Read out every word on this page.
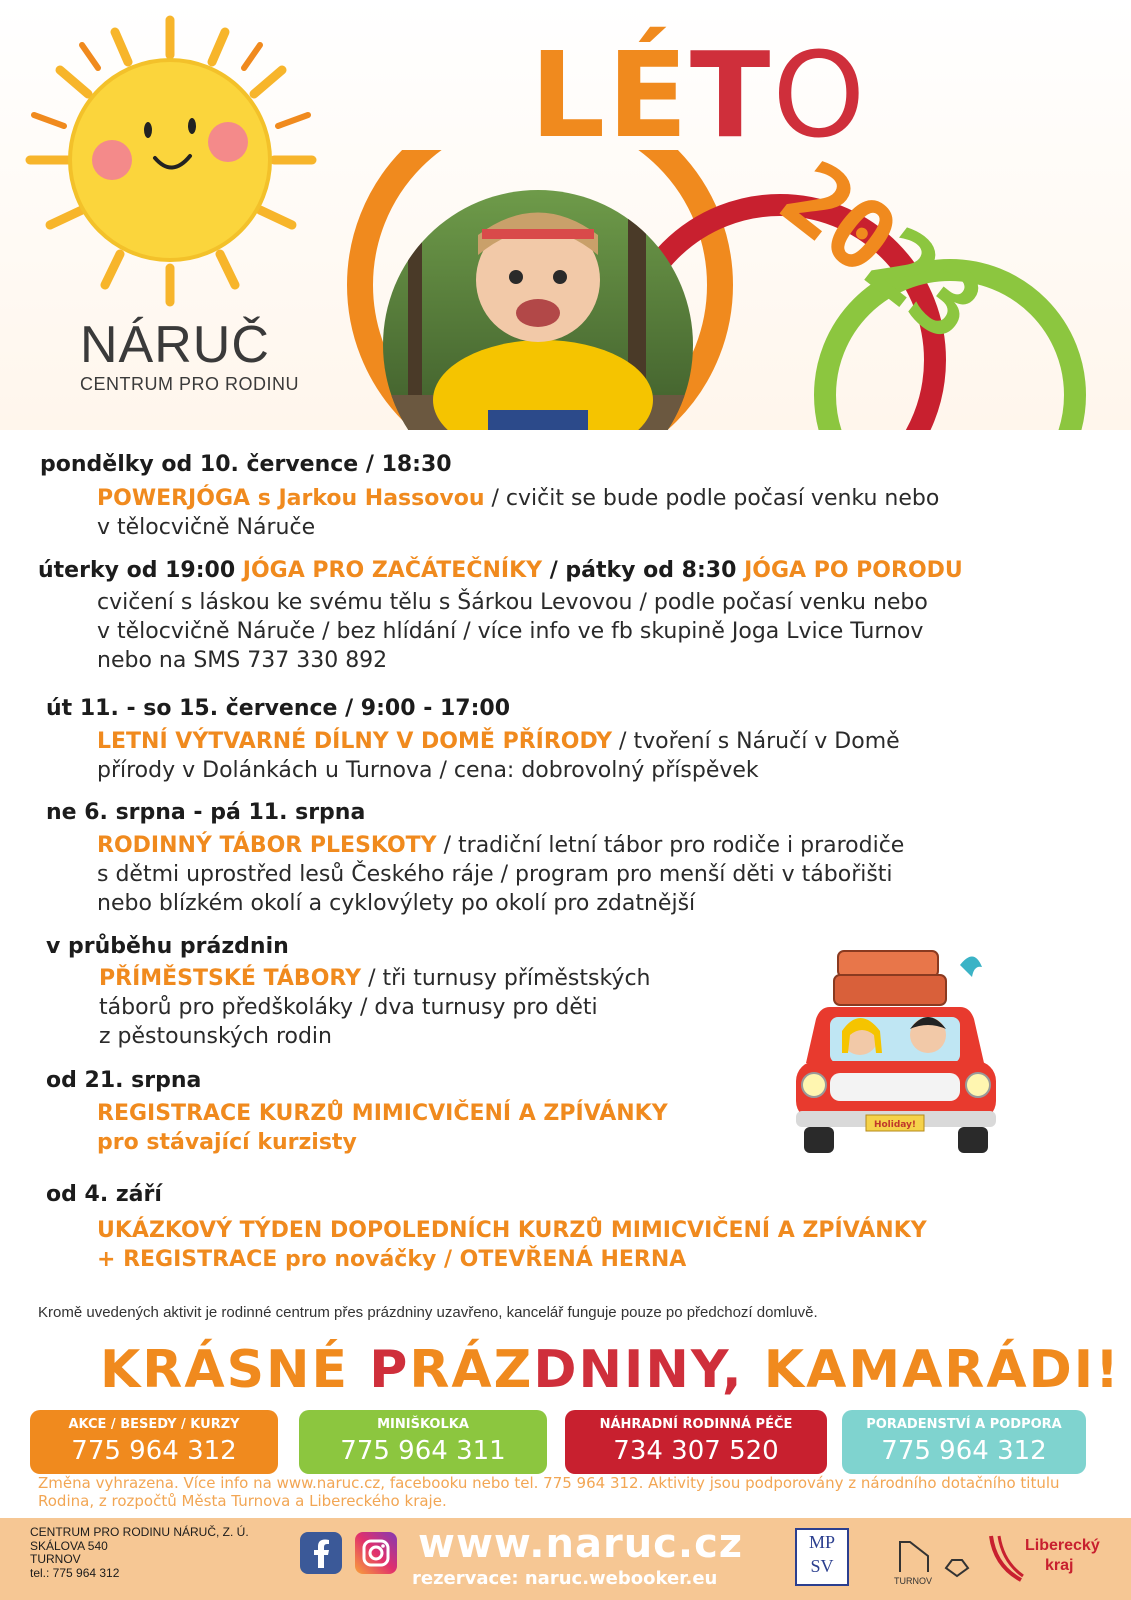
NÁRUČ
CENTRUM PRO RODINU
LÉTO
2023
pondělky od 10. července / 18:30
POWERJÓGA s Jarkou Hassovou / cvičit se bude podle počasí venku nebo
v tělocvičně Náruče
úterky od 19:00 JÓGA PRO ZAČÁTEČNÍKY / pátky od 8:30 JÓGA PO PORODU
cvičení s láskou ke svému tělu s Šárkou Levovou / podle počasí venku nebo
v tělocvičně Náruče / bez hlídání / více info ve fb skupině Joga Lvice Turnov
nebo na SMS 737 330 892
út 11. - so 15. července / 9:00 - 17:00
LETNÍ VÝTVARNÉ DÍLNY V DOMĚ PŘÍRODY / tvoření s Náručí v Domě
přírody v Dolánkách u Turnova / cena: dobrovolný příspěvek
ne 6. srpna - pá 11. srpna
RODINNÝ TÁBOR PLESKOTY / tradiční letní tábor pro rodiče i prarodiče
s dětmi uprostřed lesů Českého ráje / program pro menší děti v tábořišti
nebo blízkém okolí a cyklovýlety po okolí pro zdatnější
v průběhu prázdnin
PŘÍMĚSTSKÉ TÁBORY / tři turnusy příměstských
táborů pro předškoláky / dva turnusy pro děti
z pěstounských rodin
od 21. srpna
REGISTRACE KURZŮ MIMICVIČENÍ A ZPÍVÁNKY
pro stávající kurzisty
od 4. září
UKÁZKOVÝ TÝDEN DOPOLEDNÍCH KURZŮ MIMICVIČENÍ A ZPÍVÁNKY
+ REGISTRACE pro nováčky / OTEVŘENÁ HERNA
Holiday!
Kromě uvedených aktivit je rodinné centrum přes prázdniny uzavřeno, kancelář funguje pouze po předchozí domluvě.
KRÁSNÉ PRÁZDNINY, KAMARÁDI!
AKCE / BESEDY / KURZY
775 964 312
MINIŠKOLKA
775 964 311
NÁHRADNÍ RODINNÁ PÉČE
734 307 520
PORADENSTVÍ A PODPORA
775 964 312
Změna vyhrazena. Více info na www.naruc.cz, facebooku nebo tel. 775 964 312. Aktivity jsou podporovány z národního dotačního titulu Rodina, z rozpočtů Města Turnova a Libereckého kraje.
CENTRUM PRO RODINU NÁRUČ, Z. Ú.
SKÁLOVA 540
TURNOV
tel.: 775 964 312
www.naruc.cz
rezervace: naruc.webooker.eu
MP
SV
TURNOV
Liberecký
kraj
